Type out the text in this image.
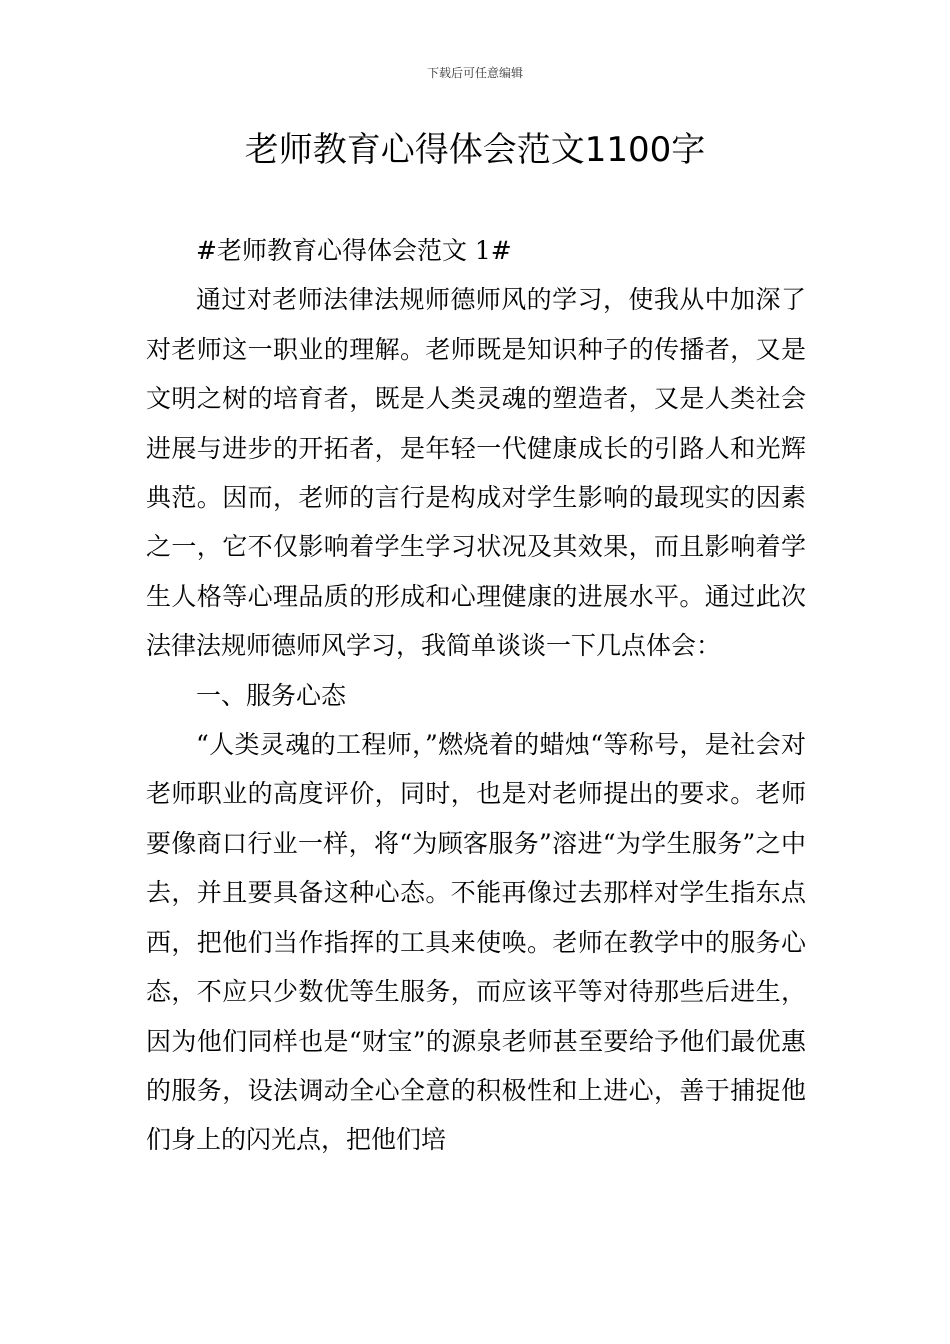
下载后可任意编辑
老师教育心得体会范文1100字

#老师教育心得体会范文 1#

通过对老师法律法规师德师风的学习，使我从中加深了对老师这一职业的理解。老师既是知识种子的传播者，又是文明之树的培育者，既是人类灵魂的塑造者，又是人类社会进展与进步的开拓者，是年轻一代健康成长的引路人和光辉典范。因而，老师的言行是构成对学生影响的最现实的因素之一，它不仅影响着学生学习状况及其效果，而且影响着学生人格等心理品质的形成和心理健康的进展水平。通过此次法律法规师德师风学习，我简单谈谈一下几点体会：

一、服务心态

“人类灵魂的工程师，”燃烧着的蜡烛“等称号，是社会对老师职业的高度评价，同时，也是对老师提出的要求。老师要像商口行业一样，将“为顾客服务”溶进“为学生服务”之中去，并且要具备这种心态。不能再像过去那样对学生指东点西，把他们当作指挥的工具来使唤。老师在教学中的服务心态，不应只少数优等生服务，而应该平等对待那些后进生，因为他们同样也是“财宝”的源泉老师甚至要给予他们最优惠的服务，设法调动全心全意的积极性和上进心，善于捕捉他们身上的闪光点，把他们培
